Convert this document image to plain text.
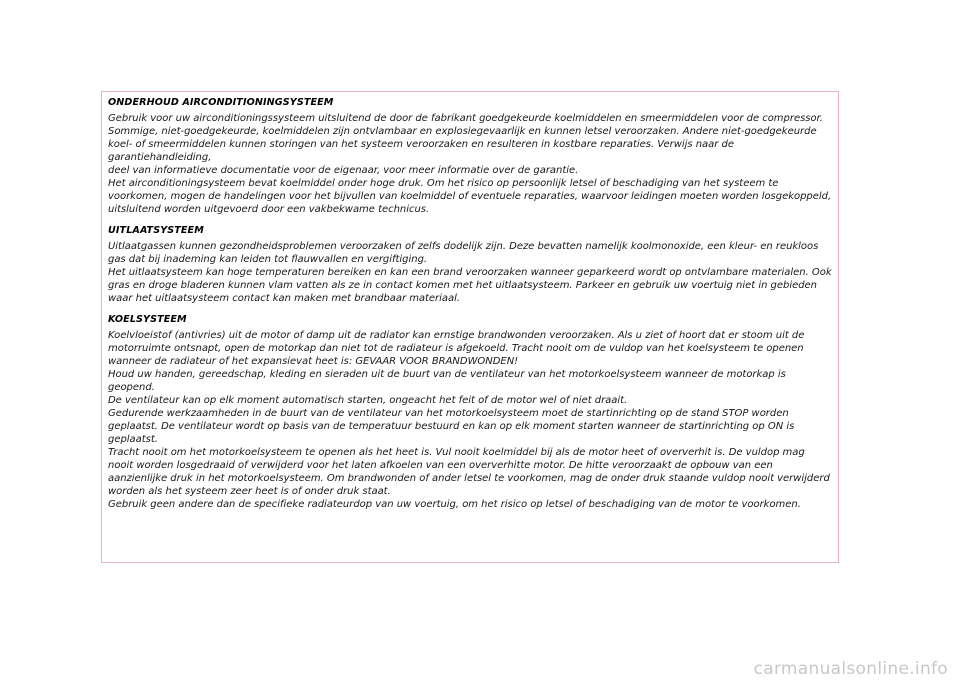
ONDERHOUD AIRCONDITIONINGSYSTEEM

Gebruik voor uw airconditioningssysteem uitsluitend de door de fabrikant goedgekeurde koelmiddelen en smeermiddelen voor de compressor. Sommige, niet-goedgekeurde, koelmiddelen zijn ontvlambaar en explosiegevaarlijk en kunnen letsel veroorzaken. Andere niet-goedgekeurde koel- of smeermiddelen kunnen storingen van het systeem veroorzaken en resulteren in kostbare reparaties. Verwijs naar de garantiehandleiding,

deel van informatieve documentatie voor de eigenaar, voor meer informatie over de garantie.

Het airconditioningsysteem bevat koelmiddel onder hoge druk. Om het risico op persoonlijk letsel of beschadiging van het systeem te voorkomen, mogen de handelingen voor het bijvullen van koelmiddel of eventuele reparaties, waarvoor leidingen moeten worden losgekoppeld, uitsluitend worden uitgevoerd door een vakbekwame technicus.

UITLAATSYSTEEM

Uitlaatgassen kunnen gezondheidsproblemen veroorzaken of zelfs dodelijk zijn. Deze bevatten namelijk koolmonoxide, een kleur- en reukloos gas dat bij inademing kan leiden tot flauwvallen en vergiftiging.

Het uitlaatsysteem kan hoge temperaturen bereiken en kan een brand veroorzaken wanneer geparkeerd wordt op ontvlambare materialen. Ook gras en droge bladeren kunnen vlam vatten als ze in contact komen met het uitlaatsysteem. Parkeer en gebruik uw voertuig niet in gebieden waar het uitlaatsysteem contact kan maken met brandbaar materiaal.

KOELSYSTEEM

Koelvloeistof (antivries) uit de motor of damp uit de radiator kan ernstige brandwonden veroorzaken. Als u ziet of hoort dat er stoom uit de motorruimte ontsnapt, open de motorkap dan niet tot de radiateur is afgekoeld. Tracht nooit om de vuldop van het koelsysteem te openen wanneer de radiateur of het expansievat heet is: GEVAAR VOOR BRANDWONDEN!

Houd uw handen, gereedschap, kleding en sieraden uit de buurt van de ventilateur van het motorkoelsysteem wanneer de motorkap is geopend.

De ventilateur kan op elk moment automatisch starten, ongeacht het feit of de motor wel of niet draait.

Gedurende werkzaamheden in de buurt van de ventilateur van het motorkoelsysteem moet de startinrichting op de stand STOP worden geplaatst. De ventilateur wordt op basis van de temperatuur bestuurd en kan op elk moment starten wanneer de startinrichting op ON is geplaatst.

Tracht nooit om het motorkoelsysteem te openen als het heet is. Vul nooit koelmiddel bij als de motor heet of oververhit is. De vuldop mag nooit worden losgedraaid of verwijderd voor het laten afkoelen van een oververhitte motor. De hitte veroorzaakt de opbouw van een aanzienlijke druk in het motorkoelsysteem. Om brandwonden of ander letsel te voorkomen, mag de onder druk staande vuldop nooit verwijderd worden als het systeem zeer heet is of onder druk staat.

Gebruik geen andere dan de specifieke radiateurdop van uw voertuig, om het risico op letsel of beschadiging van de motor te voorkomen.

carmanualsonline.info
